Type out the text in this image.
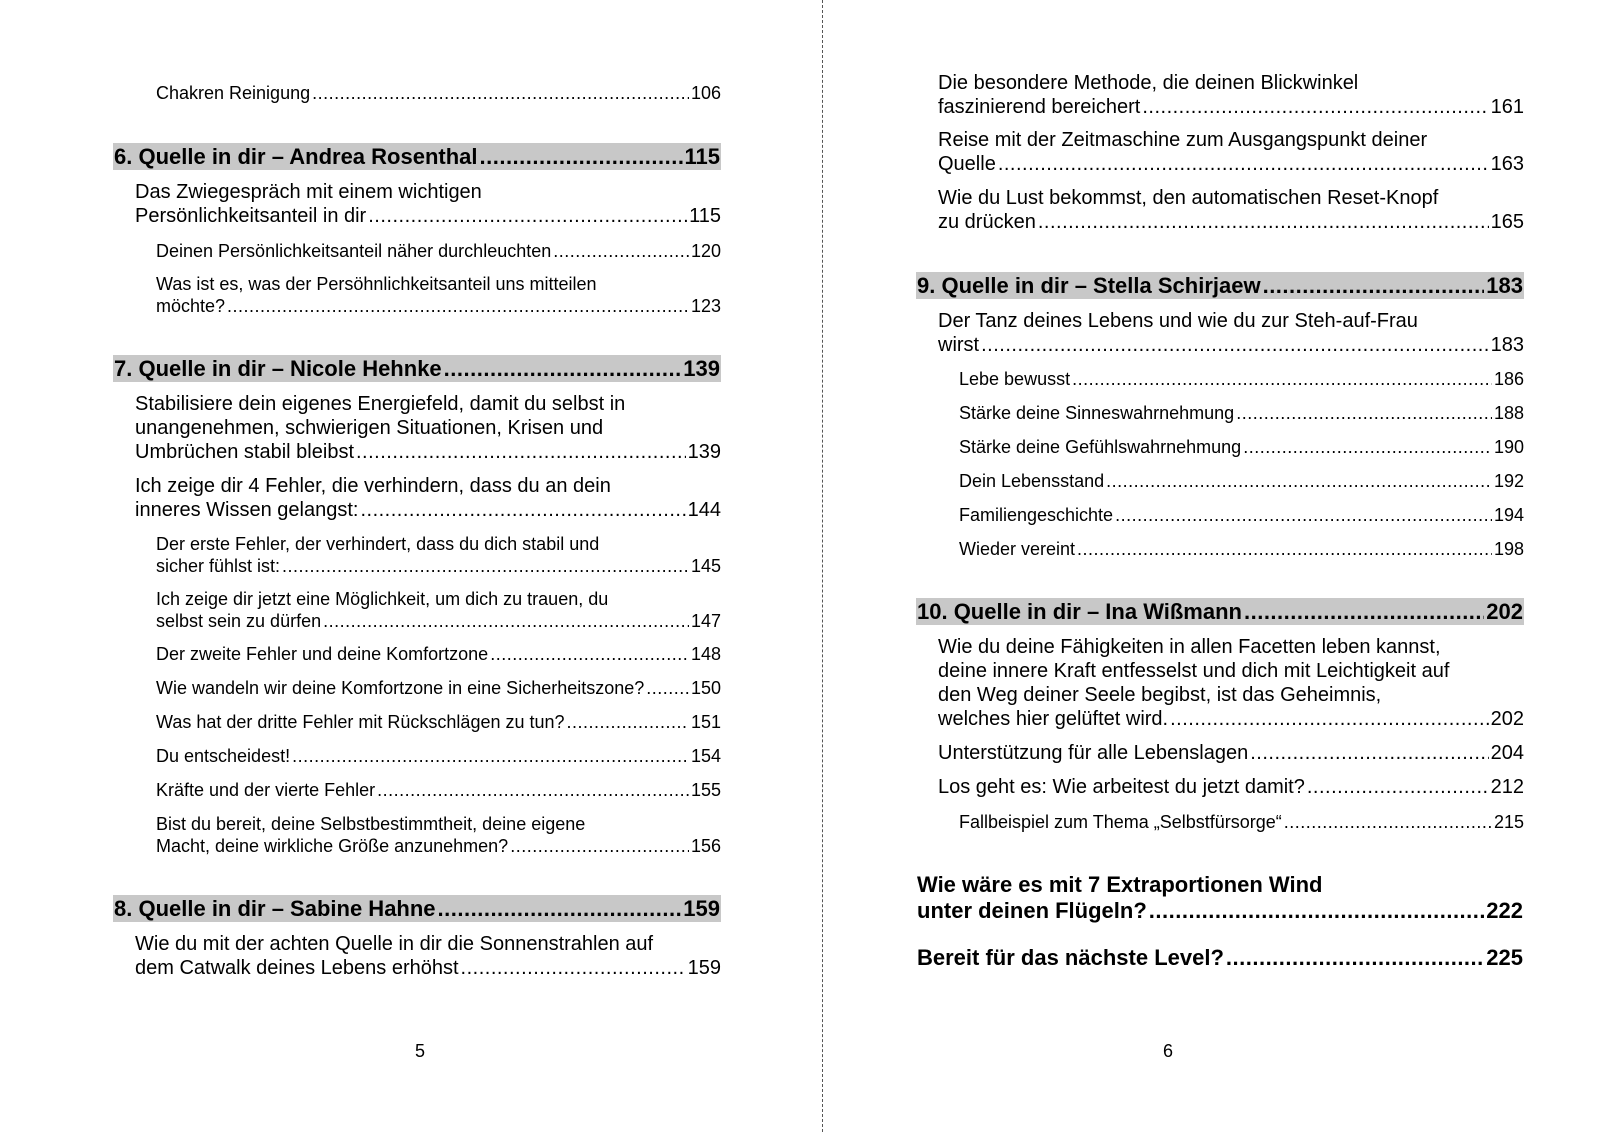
Chakren Reinigung .....	106
6. Quelle in dir – Andrea Rosenthal .....	115
Das Zwiegespräch mit einem wichtigen
Persönlichkeitsanteil in dir .....	115
Deinen Persönlichkeitsanteil näher durchleuchten .....	120
Was ist es, was der Persöhnlichkeitsanteil uns mitteilen
möchte? .....	123
7. Quelle in dir – Nicole Hehnke .....	139
Stabilisiere dein eigenes Energiefeld, damit du selbst in
unangenehmen, schwierigen Situationen, Krisen und
Umbrüchen stabil bleibst .....	139
Ich zeige dir 4 Fehler, die verhindern, dass du an dein
inneres Wissen gelangst: .....	144
Der erste Fehler, der verhindert, dass du dich stabil und
sicher fühlst ist: .....	145
Ich zeige dir jetzt eine Möglichkeit, um dich zu trauen, du
selbst sein zu dürfen .....	147
Der zweite Fehler und deine Komfortzone .....	148
Wie wandeln wir deine Komfortzone in eine Sicherheitszone? .....	150
Was hat der dritte Fehler mit Rückschlägen zu tun? .....	151
Du entscheidest! .....	154
Kräfte und der vierte Fehler .....	155
Bist du bereit, deine Selbstbestimmtheit, deine eigene
Macht, deine wirkliche Größe anzunehmen? .....	156
8. Quelle in dir – Sabine Hahne .....	159
Wie du mit der achten Quelle in dir die Sonnenstrahlen auf
dem Catwalk deines Lebens erhöhst .....	159
5
Die besondere Methode, die deinen Blickwinkel
faszinierend bereichert .....	161
Reise mit der Zeitmaschine zum Ausgangspunkt deiner
Quelle .....	163
Wie du Lust bekommst, den automatischen Reset-Knopf
zu drücken .....	165
9. Quelle in dir – Stella Schirjaew .....	183
Der Tanz deines Lebens und wie du zur Steh-auf-Frau
wirst .....	183
Lebe bewusst .....	186
Stärke deine Sinneswahrnehmung .....	188
Stärke deine Gefühlswahrnehmung .....	190
Dein Lebensstand .....	192
Familiengeschichte .....	194
Wieder vereint .....	198
10. Quelle in dir – Ina Wißmann .....	202
Wie du deine Fähigkeiten in allen Facetten leben kannst,
deine innere Kraft entfesselst und dich mit Leichtigkeit auf
den Weg deiner Seele begibst, ist das Geheimnis,
welches hier gelüftet wird. .....	202
Unterstützung für alle Lebenslagen .....	204
Los geht es: Wie arbeitest du jetzt damit? .....	212
Fallbeispiel zum Thema „Selbstfürsorge“ .....	215
Wie wäre es mit 7 Extraportionen Wind
unter deinen Flügeln? .....	222
Bereit für das nächste Level? .....	225
6
